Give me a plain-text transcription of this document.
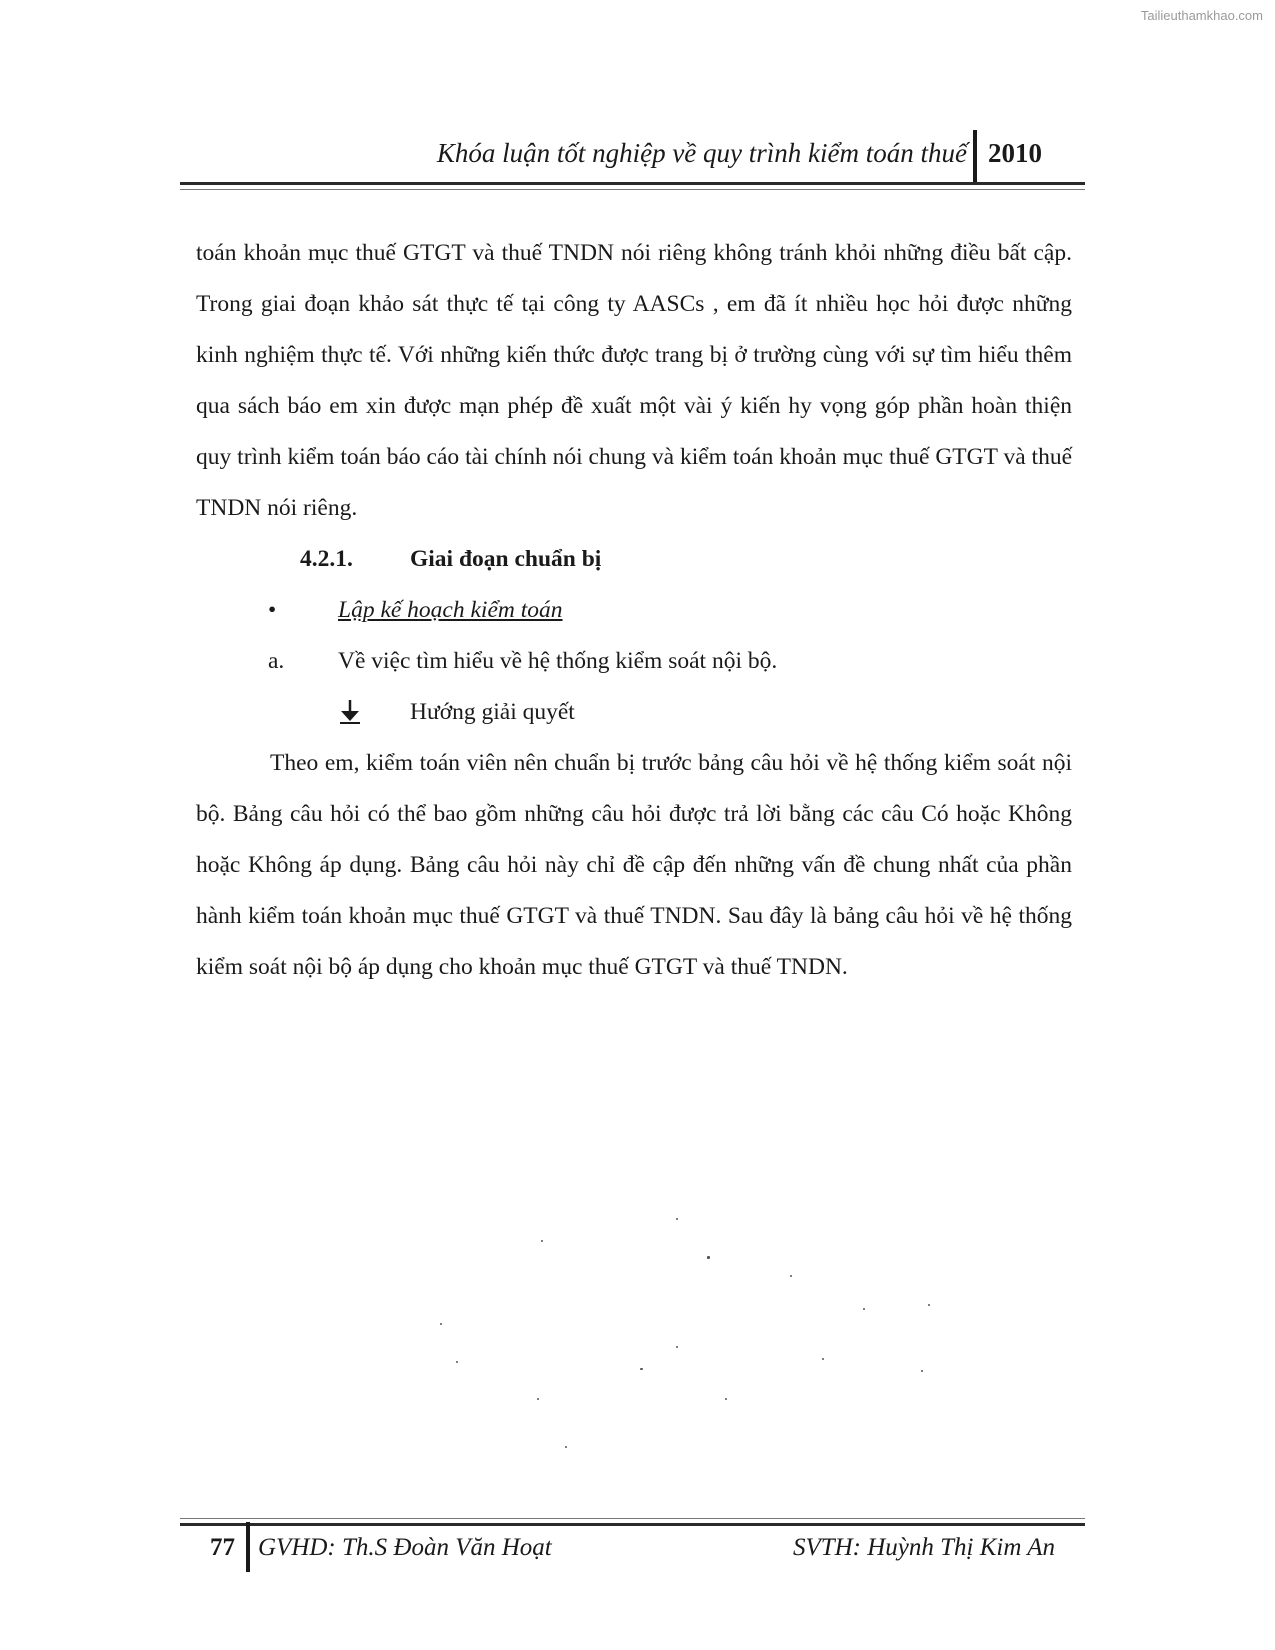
Tailieuthamkhao.com
Khóa luận tốt nghiệp về quy trình kiểm toán thuế 2010

toán khoản mục thuế GTGT và thuế TNDN nói riêng không tránh khỏi những điều bất cập. Trong giai đoạn khảo sát thực tế tại công ty AASCs , em đã ít nhiều học hỏi được những kinh nghiệm thực tế. Với những kiến thức được trang bị ở trường cùng với sự tìm hiểu thêm qua sách báo em xin được mạn phép đề xuất một vài ý kiến hy vọng góp phần hoàn thiện quy trình kiểm toán báo cáo tài chính nói chung và kiểm toán khoản mục thuế GTGT và thuế TNDN nói riêng.

4.2.1. Giai đoạn chuẩn bị
•	Lập kế hoạch kiểm toán
a. Về việc tìm hiểu về hệ thống kiểm soát nội bộ.
Hướng giải quyết

Theo em, kiểm toán viên nên chuẩn bị trước bảng câu hỏi về hệ thống kiểm soát nội bộ. Bảng câu hỏi có thể bao gồm những câu hỏi được trả lời bằng các câu Có hoặc Không hoặc Không áp dụng. Bảng câu hỏi này chỉ đề cập đến những vấn đề chung nhất của phần hành kiểm toán khoản mục thuế GTGT và thuế TNDN. Sau đây là bảng câu hỏi về hệ thống kiểm soát nội bộ áp dụng cho khoản mục thuế GTGT và thuế TNDN.

77 GVHD: Th.S Đoàn Văn Hoạt	SVTH: Huỳnh Thị Kim An
